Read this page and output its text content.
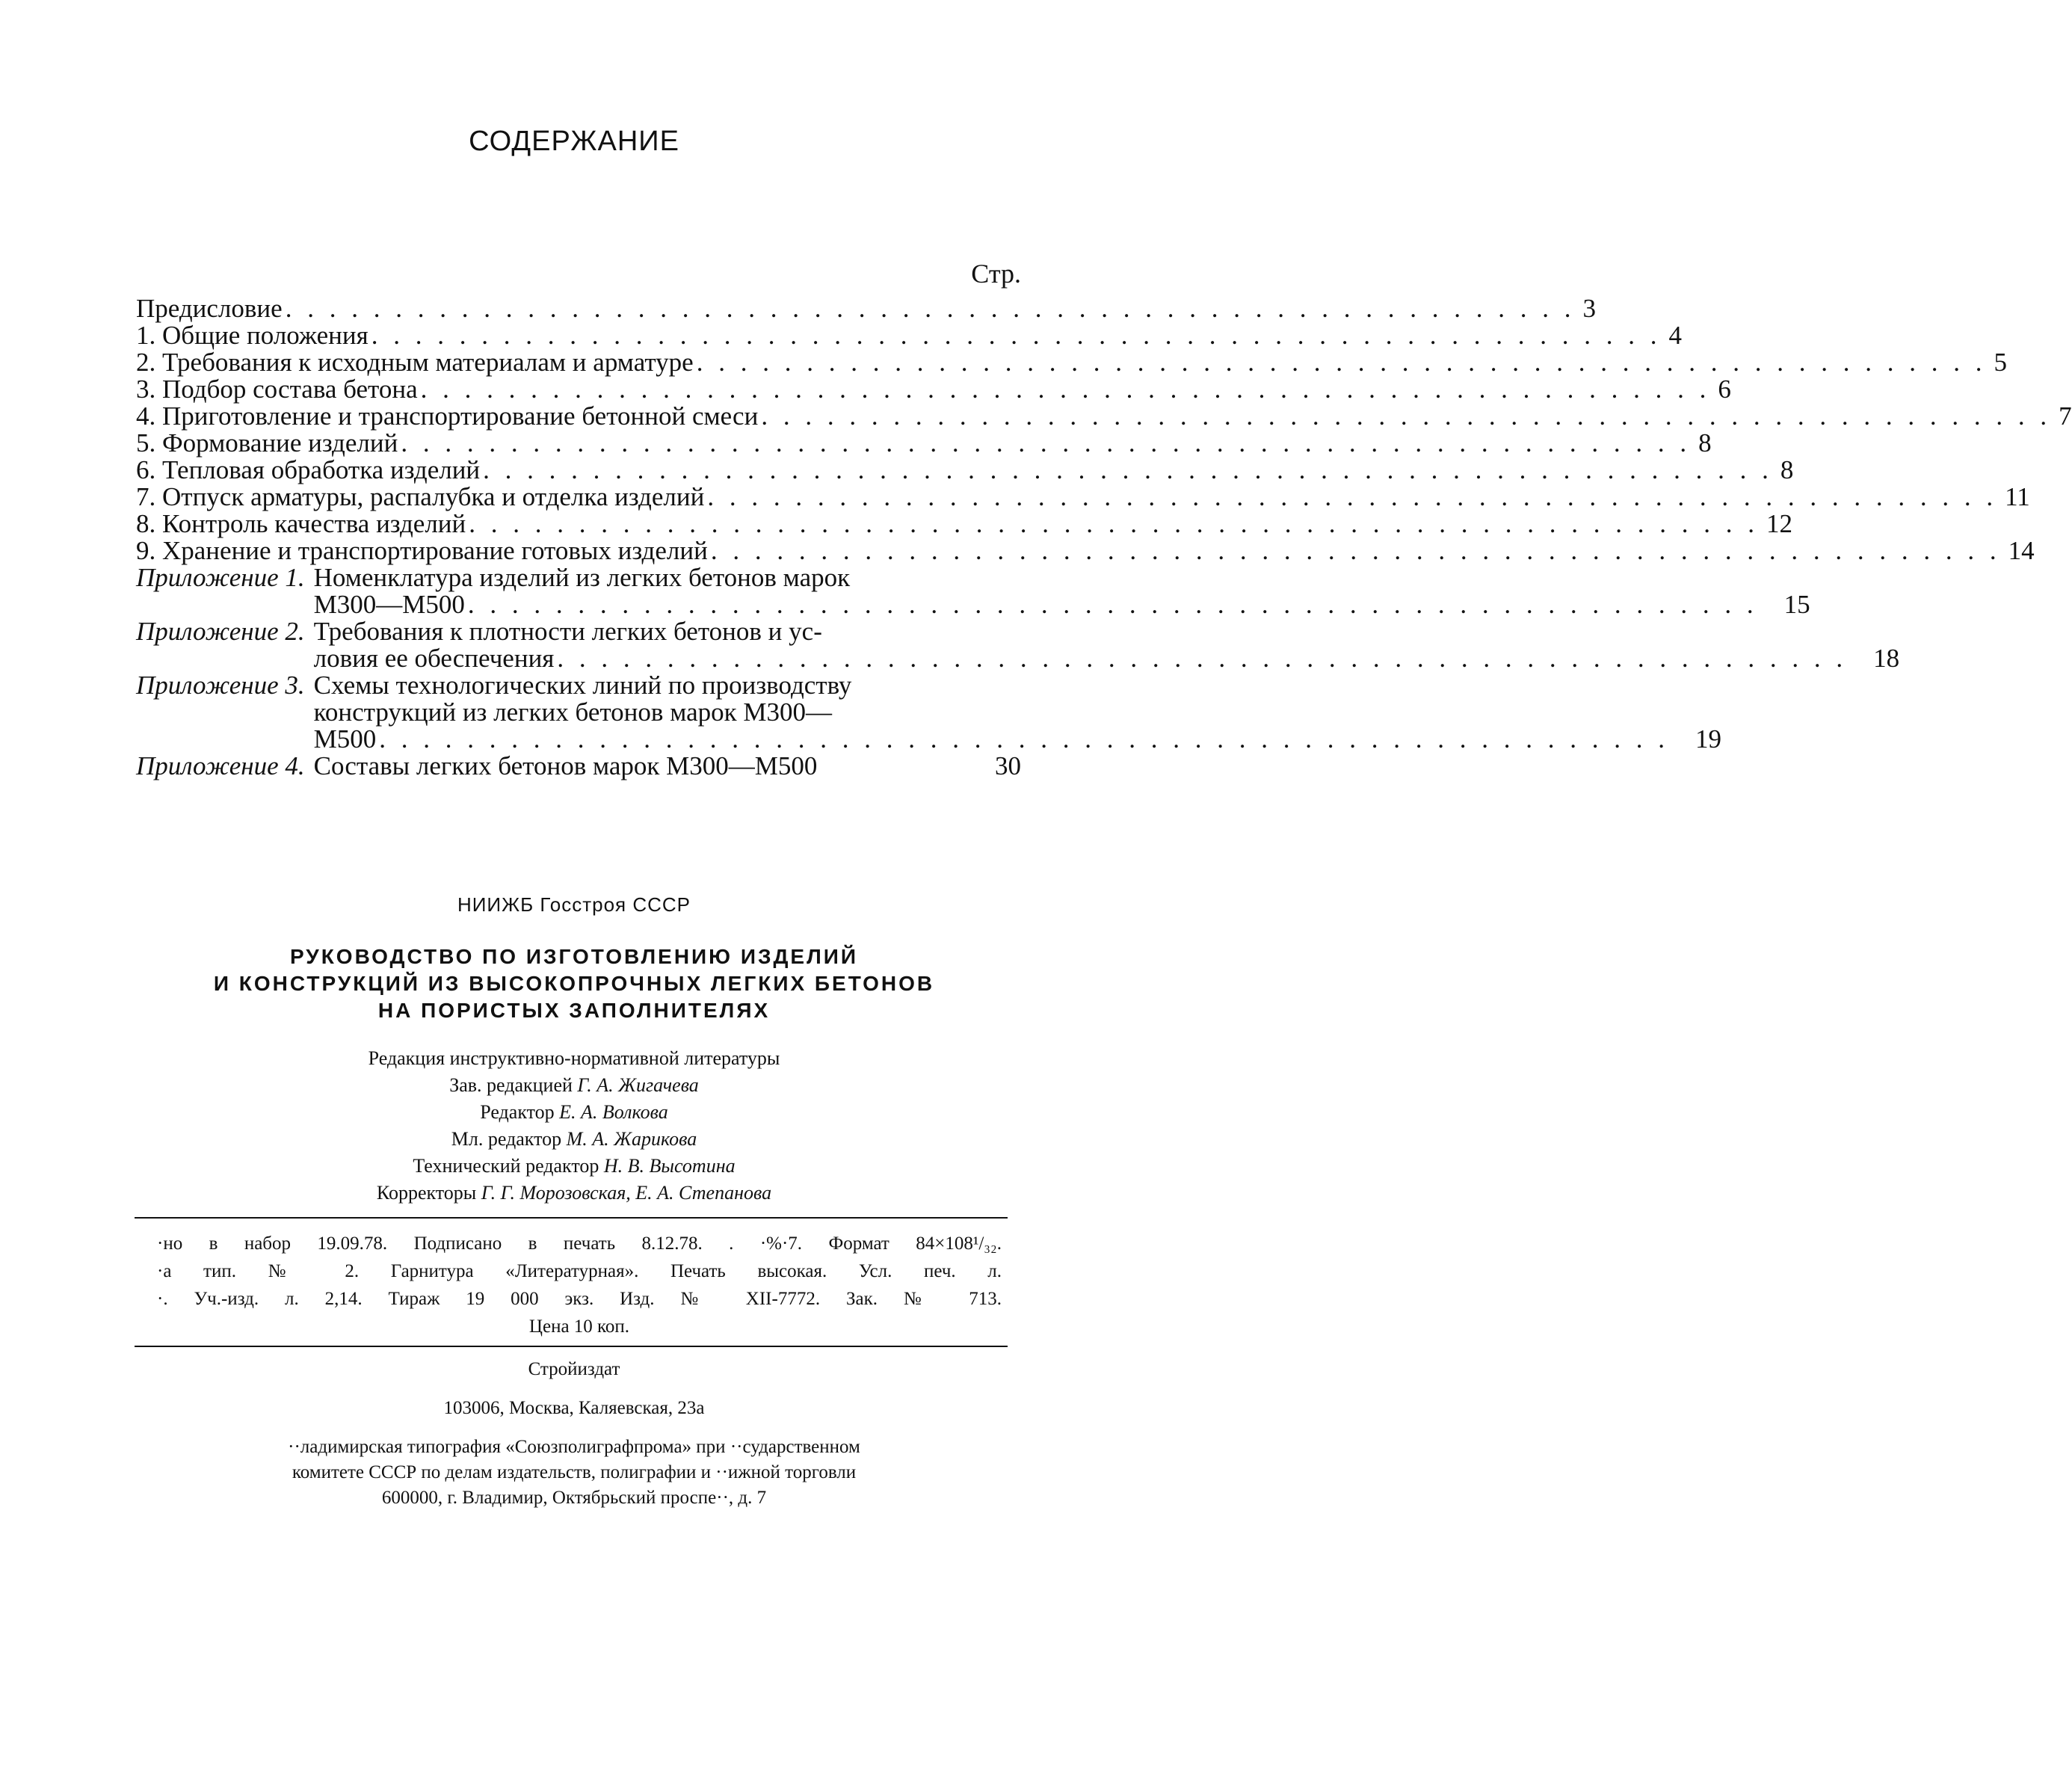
СОДЕРЖАНИЕ
Стр.
Предисловие . . .	3
1. Общие положения . . .	4
2. Требования к исходным материалам и арматуре . . .	5
3. Подбор состава бетона . . .	6
4. Приготовление и транспортирование бетонной смеси . . .	7
5. Формование изделий . . .	8
6. Тепловая обработка изделий . . .	8
7. Отпуск арматуры, распалубка и отделка изделий . . .	11
8. Контроль качества изделий . . .	12
9. Хранение и транспортирование готовых изделий . . .	14
Приложение 1. Номенклатура изделий из легких бетонов марок
М300—М500 . . .	15
Приложение 2. Требования к плотности легких бетонов и ус-
ловия ее обеспечения . . .	18
Приложение 3. Схемы технологических линий по производству
конструкций из легких бетонов марок М300—
М500 . . .	19
Приложение 4. Составы легких бетонов марок М300—М500	30
НИИЖБ Госстроя СССР
РУКОВОДСТВО ПО ИЗГОТОВЛЕНИЮ ИЗДЕЛИЙ
И КОНСТРУКЦИЙ ИЗ ВЫСОКОПРОЧНЫХ ЛЕГКИХ БЕТОНОВ
НА ПОРИСТЫХ ЗАПОЛНИТЕЛЯХ
Редакция инструктивно-нормативной литературы
Зав. редакцией Г. А. Жигачева
Редактор Е. А. Волкова
Мл. редактор М. А. Жарикова
Технический редактор Н. В. Высотина
Корректоры Г. Г. Морозовская, Е. А. Степанова
·но в набор 19.09.78. Подписано в печать 8.12.78. . ·%·7. Формат 84×108¹/₃₂.
·а тип. № 2. Гарнитура «Литературная». Печать высокая. Усл. печ. л.
·. Уч.-изд. л. 2,14. Тираж 19 000 экз. Изд. № XII-7772. Зак. № 713.
Цена 10 коп.
Стройиздат
103006, Москва, Каляевская, 23а
··ладимирская типография «Союзполиграфпрома» при ··сударственном
комитете СССР по делам издательств, полиграфии и ··ижной торговли
600000, г. Владимир, Октябрьский проспе··, д. 7
